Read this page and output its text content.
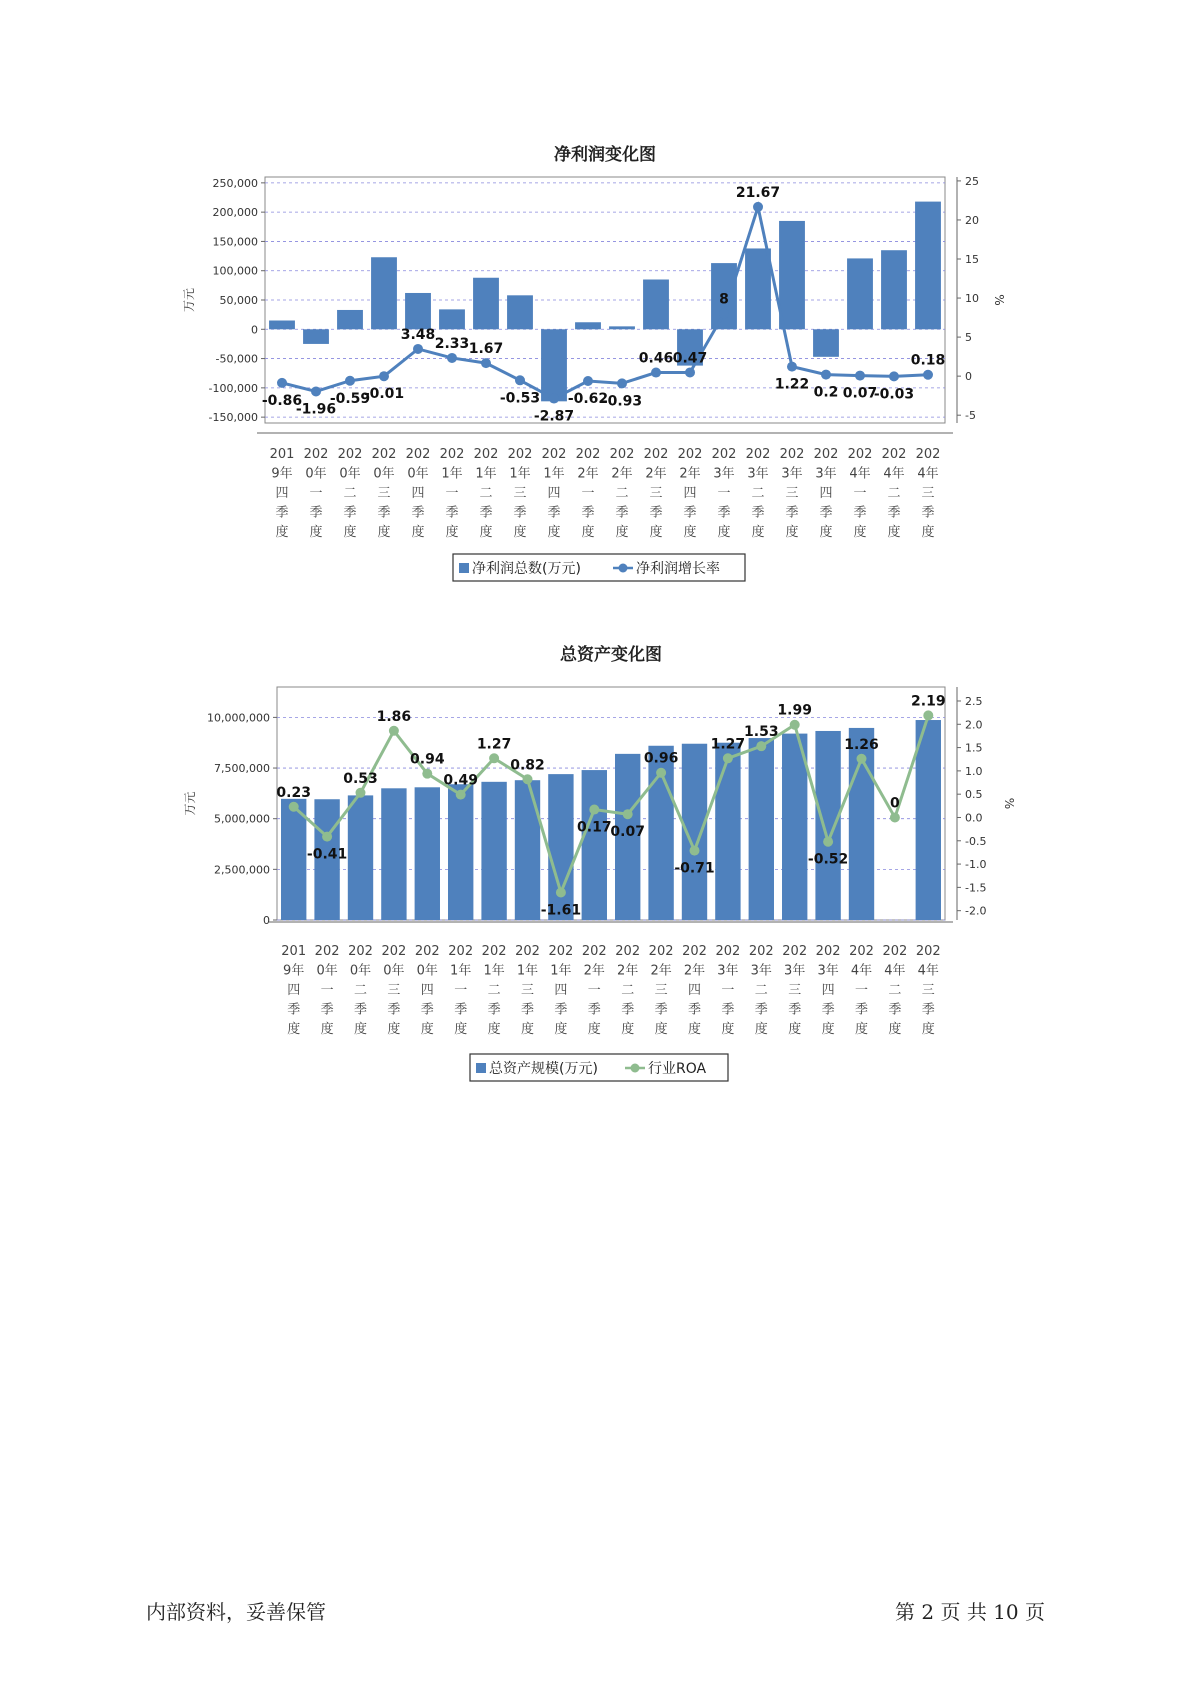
净利润变化图
-150,000
-100,000
-50,000
0
50,000
100,000
150,000
200,000
250,000
-5
0
5
10
15
20
25
万元	%
-0.86
-1.96
-0.59
-0.01
3.48
2.33 1.67
-0.53
-2.87
-0.62
-0.93
0.46 0.47
8
21.67
1.22 0.2 0.07
-0.03
0.18
201 9年四季度
202 0年一季度
202 0年二季度
202 0年三季度
202 0年四季度
202 1年一季度
202 1年二季度
202 1年三季度
202 1年四季度
202 2年一季度
202 2年二季度
202 2年三季度
202 2年四季度
202 3年一季度
202 3年二季度
202 3年三季度
202 3年四季度
202 4年一季度
202 4年二季度
202 4年三季度
净利润总数(万元)	净利润增长率
总资产变化图
0
2,500,000
5,000,000
7,500,000
10,000,000
-2.0
-1.5
-1.0
-0.5
0.0
0.5
1.0
1.5
2.0
2.5
万元	%
0.23
-0.41
0.53
1.86
0.94
0.49
1.27
0.82
-1.61
0.17
0.07
0.96
-0.71
1.27
1.53
1.99
-0.52
1.26
0
2.19
201 9年四季度
202 0年一季度
202 0年二季度
202 0年三季度
202 0年四季度
202 1年一季度
202 1年二季度
202 1年三季度
202 1年四季度
202 2年一季度
202 2年二季度
202 2年三季度
202 2年四季度
202 3年一季度
202 3年二季度
202 3年三季度
202 3年四季度
202 4年一季度
202 4年二季度
202 4年三季度
总资产规模(万元)	行业ROA
内部资料，妥善保管	第 2 页 共 10 页
